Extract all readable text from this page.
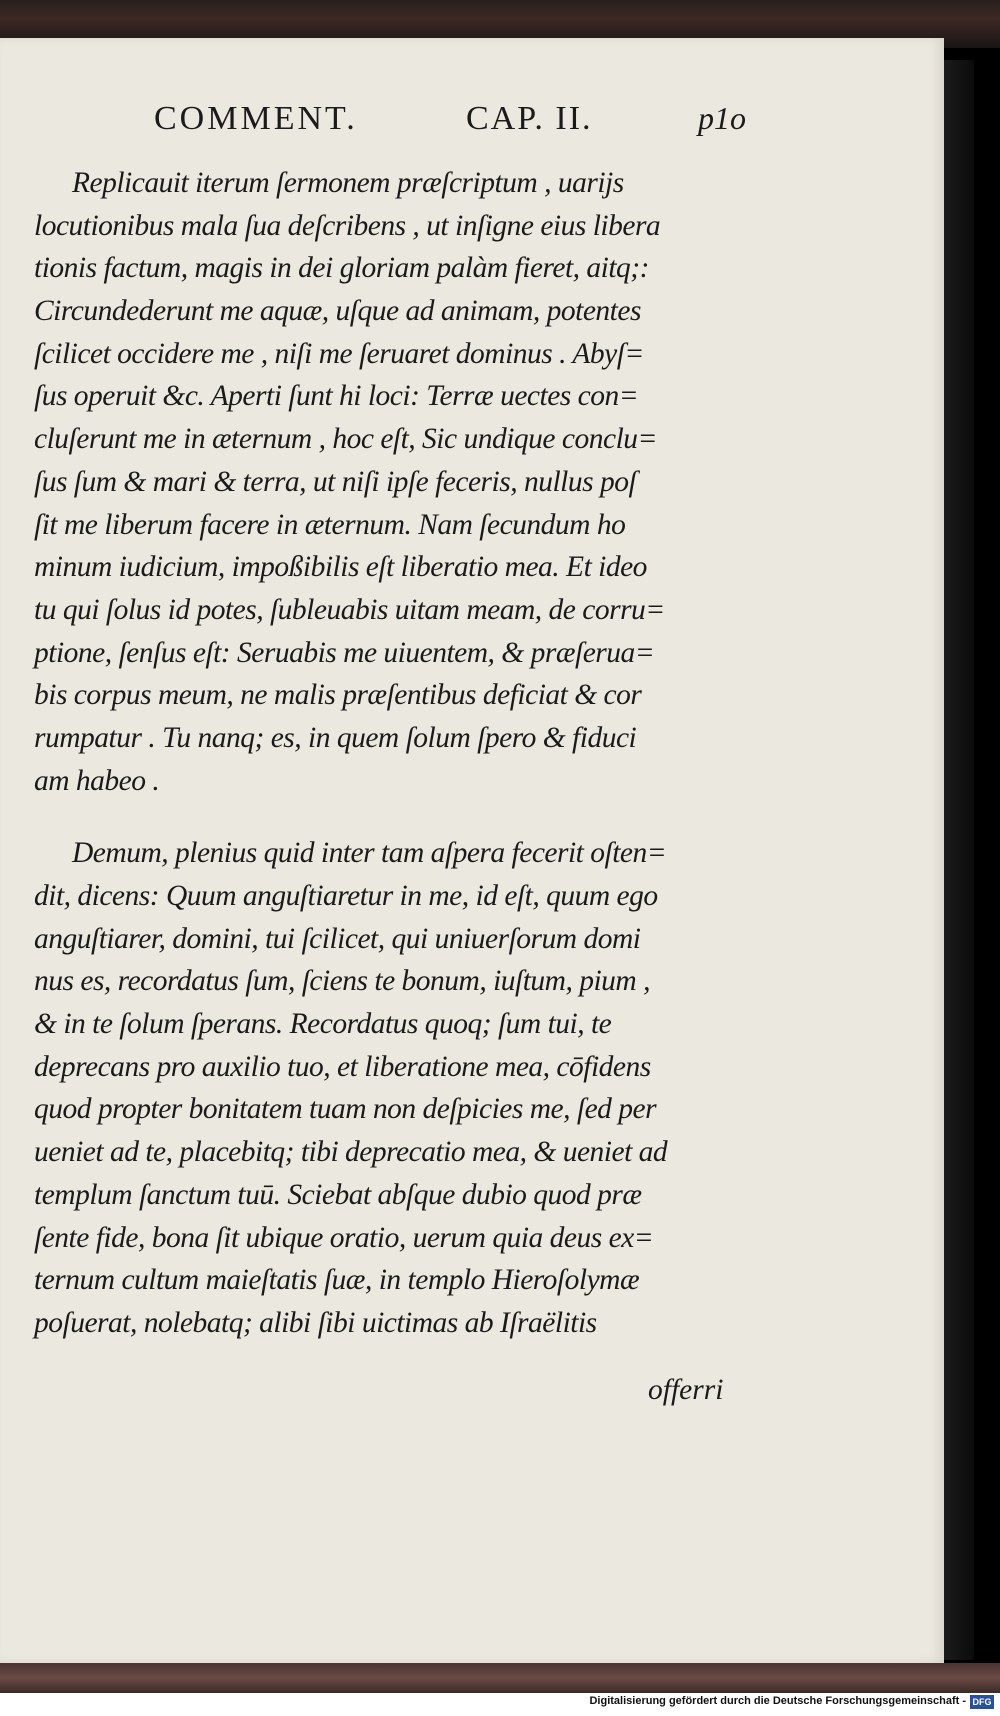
COMMENT.	CAP. II.	p1o
Replicauit iterum ſermonem præſcriptum , uarijs
locutionibus mala ſua deſcribens , ut inſigne eius libera
tionis factum, magis in dei gloriam palàm fieret, aitq;:
Circundederunt me aquæ, uſque ad animam, potentes
ſcilicet occidere me , niſi me ſeruaret dominus . Abyſ=
ſus operuit &c. Aperti ſunt hi loci: Terræ uectes con=
cluſerunt me in æternum , hoc eſt, Sic undique conclu=
ſus ſum & mari & terra, ut niſi ipſe feceris, nullus poſ
ſit me liberum facere in æternum. Nam ſecundum ho
minum iudicium, impoßibilis eſt liberatio mea. Et ideo
tu qui ſolus id potes, ſubleuabis uitam meam, de corru=
ptione, ſenſus eſt: Seruabis me uiuentem, & præſerua=
bis corpus meum, ne malis præſentibus deficiat & cor
rumpatur . Tu nanq; es, in quem ſolum ſpero & fiduci
am habeo .
Demum, plenius quid inter tam aſpera fecerit oſten=
dit, dicens: Quum anguſtiaretur in me, id eſt, quum ego
anguſtiarer, domini, tui ſcilicet, qui uniuerſorum domi
nus es, recordatus ſum, ſciens te bonum, iuſtum, pium ,
& in te ſolum ſperans. Recordatus quoq; ſum tui, te
deprecans pro auxilio tuo, et liberatione mea, cōfidens
quod propter bonitatem tuam non deſpicies me, ſed per
ueniet ad te, placebitq; tibi deprecatio mea, & ueniet ad
templum ſanctum tuū. Sciebat abſque dubio quod præ
ſente fide, bona ſit ubique oratio, uerum quia deus ex=
ternum cultum maieſtatis ſuæ, in templo Hieroſolymæ
poſuerat, nolebatq; alibi ſibi uictimas ab Iſraëlitis
offerri
Digitalisierung gefördert durch die Deutsche Forschungsgemeinschaft - DFG
